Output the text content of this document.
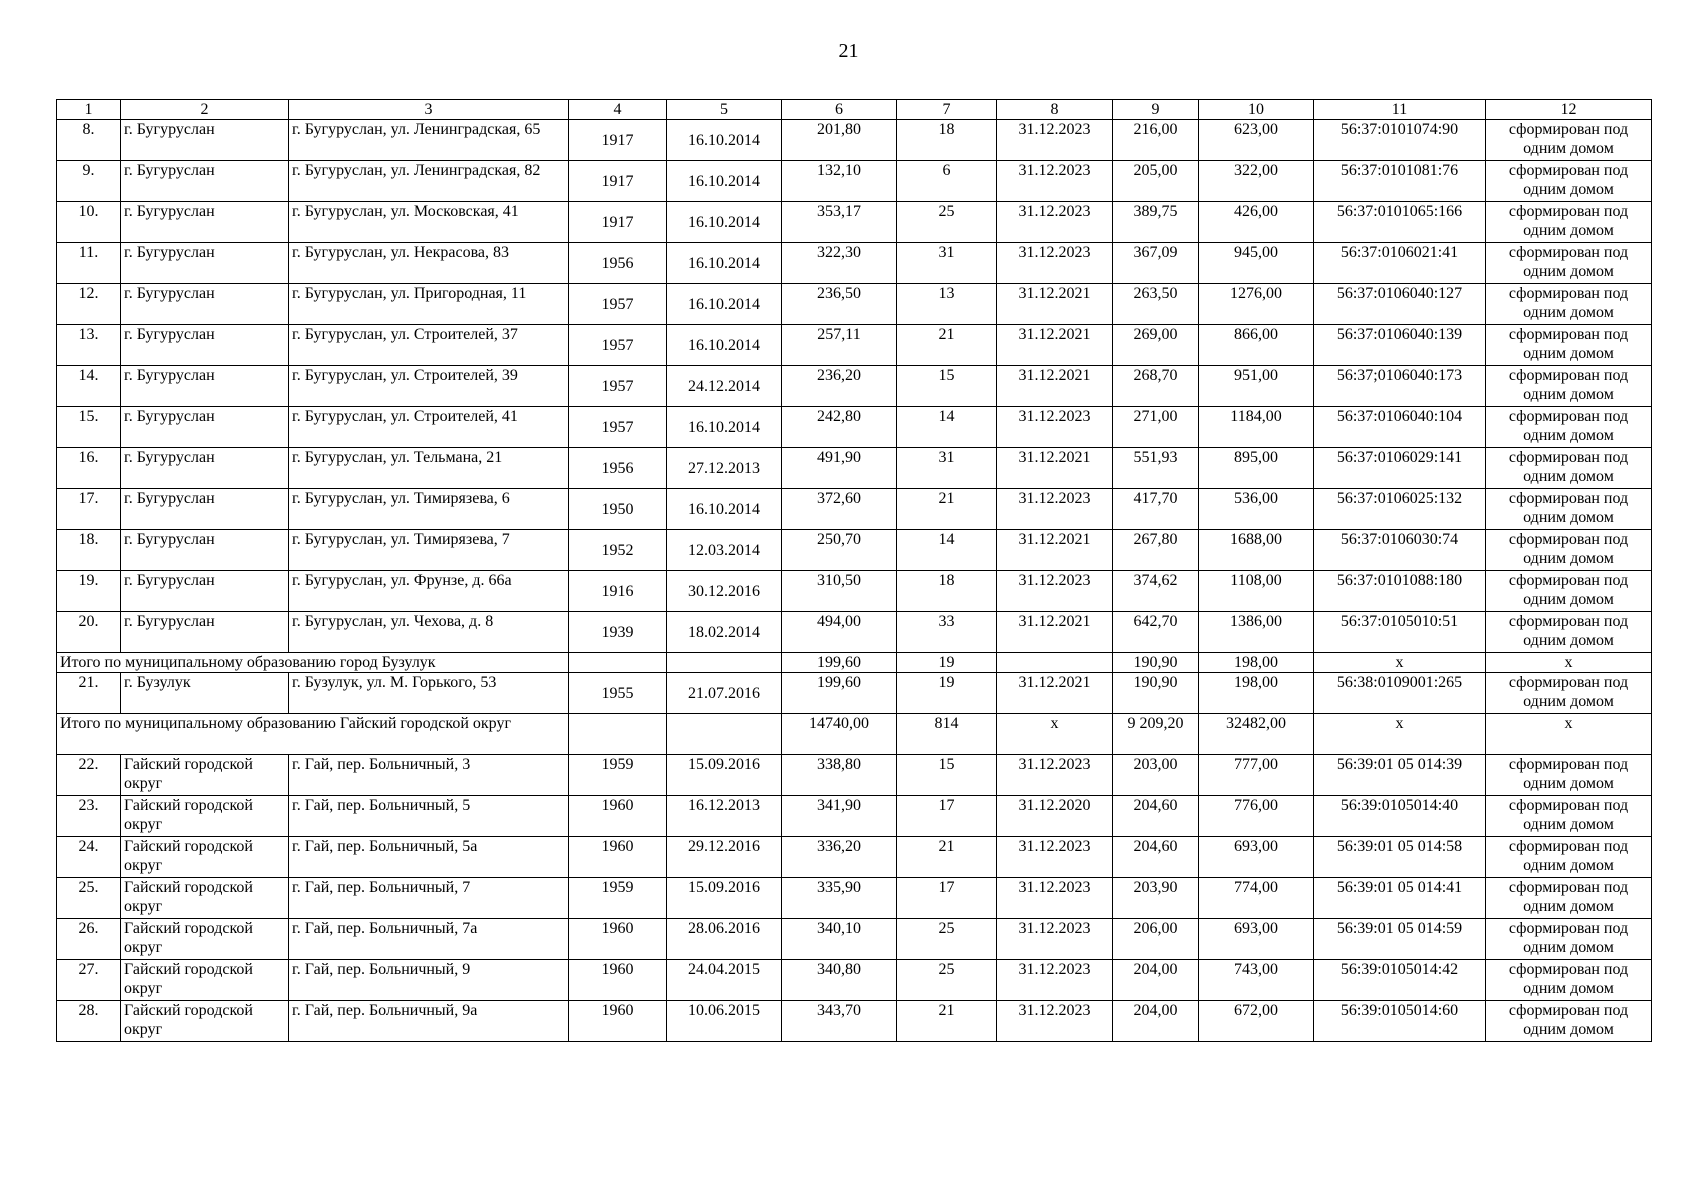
21
1	2	3	4	5	6	7	8	9	10	11	12
8.	г. Бугуруслан	г. Бугуруслан, ул. Ленинградская, 65	1917	16.10.2014	201,80	18	31.12.2023	216,00	623,00	56:37:0101074:90	сформирован под одним домом
9.	г. Бугуруслан	г. Бугуруслан, ул. Ленинградская, 82	1917	16.10.2014	132,10	6	31.12.2023	205,00	322,00	56:37:0101081:76	сформирован под одним домом
10.	г. Бугуруслан	г. Бугуруслан, ул. Московская, 41	1917	16.10.2014	353,17	25	31.12.2023	389,75	426,00	56:37:0101065:166	сформирован под одним домом
11.	г. Бугуруслан	г. Бугуруслан, ул. Некрасова, 83	1956	16.10.2014	322,30	31	31.12.2023	367,09	945,00	56:37:0106021:41	сформирован под одним домом
12.	г. Бугуруслан	г. Бугуруслан, ул. Пригородная, 11	1957	16.10.2014	236,50	13	31.12.2021	263,50	1276,00	56:37:0106040:127	сформирован под одним домом
13.	г. Бугуруслан	г. Бугуруслан, ул. Строителей, 37	1957	16.10.2014	257,11	21	31.12.2021	269,00	866,00	56:37:0106040:139	сформирован под одним домом
14.	г. Бугуруслан	г. Бугуруслан, ул. Строителей, 39	1957	24.12.2014	236,20	15	31.12.2021	268,70	951,00	56:37;0106040:173	сформирован под одним домом
15.	г. Бугуруслан	г. Бугуруслан, ул. Строителей, 41	1957	16.10.2014	242,80	14	31.12.2023	271,00	1184,00	56:37:0106040:104	сформирован под одним домом
16.	г. Бугуруслан	г. Бугуруслан, ул. Тельмана, 21	1956	27.12.2013	491,90	31	31.12.2021	551,93	895,00	56:37:0106029:141	сформирован под одним домом
17.	г. Бугуруслан	г. Бугуруслан, ул. Тимирязева, 6	1950	16.10.2014	372,60	21	31.12.2023	417,70	536,00	56:37:0106025:132	сформирован под одним домом
18.	г. Бугуруслан	г. Бугуруслан, ул. Тимирязева, 7	1952	12.03.2014	250,70	14	31.12.2021	267,80	1688,00	56:37:0106030:74	сформирован под одним домом
19.	г. Бугуруслан	г. Бугуруслан, ул. Фрунзе, д. 66а	1916	30.12.2016	310,50	18	31.12.2023	374,62	1108,00	56:37:0101088:180	сформирован под одним домом
20.	г. Бугуруслан	г. Бугуруслан, ул. Чехова, д. 8	1939	18.02.2014	494,00	33	31.12.2021	642,70	1386,00	56:37:0105010:51	сформирован под одним домом
Итого по муниципальному образованию город Бузулук					199,60	19		190,90	198,00	х	х
21.	г. Бузулук	г. Бузулук, ул. М. Горького, 53	1955	21.07.2016	199,60	19	31.12.2021	190,90	198,00	56:38:0109001:265	сформирован под одним домом
Итого по муниципальному образованию Гайский городской округ					14740,00	814	х	9 209,20	32482,00	х	х
22.	Гайский городской округ	г. Гай, пер. Больничный, 3	1959	15.09.2016	338,80	15	31.12.2023	203,00	777,00	56:39:01 05 014:39	сформирован под одним домом
23.	Гайский городской округ	г. Гай, пер. Больничный, 5	1960	16.12.2013	341,90	17	31.12.2020	204,60	776,00	56:39:0105014:40	сформирован под одним домом
24.	Гайский городской округ	г. Гай, пер. Больничный, 5а	1960	29.12.2016	336,20	21	31.12.2023	204,60	693,00	56:39:01 05 014:58	сформирован под одним домом
25.	Гайский городской округ	г. Гай, пер. Больничный, 7	1959	15.09.2016	335,90	17	31.12.2023	203,90	774,00	56:39:01 05 014:41	сформирован под одним домом
26.	Гайский городской округ	г. Гай, пер. Больничный, 7а	1960	28.06.2016	340,10	25	31.12.2023	206,00	693,00	56:39:01 05 014:59	сформирован под одним домом
27.	Гайский городской округ	г. Гай, пер. Больничный, 9	1960	24.04.2015	340,80	25	31.12.2023	204,00	743,00	56:39:0105014:42	сформирован под одним домом
28.	Гайский городской округ	г. Гай, пер. Больничный, 9а	1960	10.06.2015	343,70	21	31.12.2023	204,00	672,00	56:39:0105014:60	сформирован под одним домом
